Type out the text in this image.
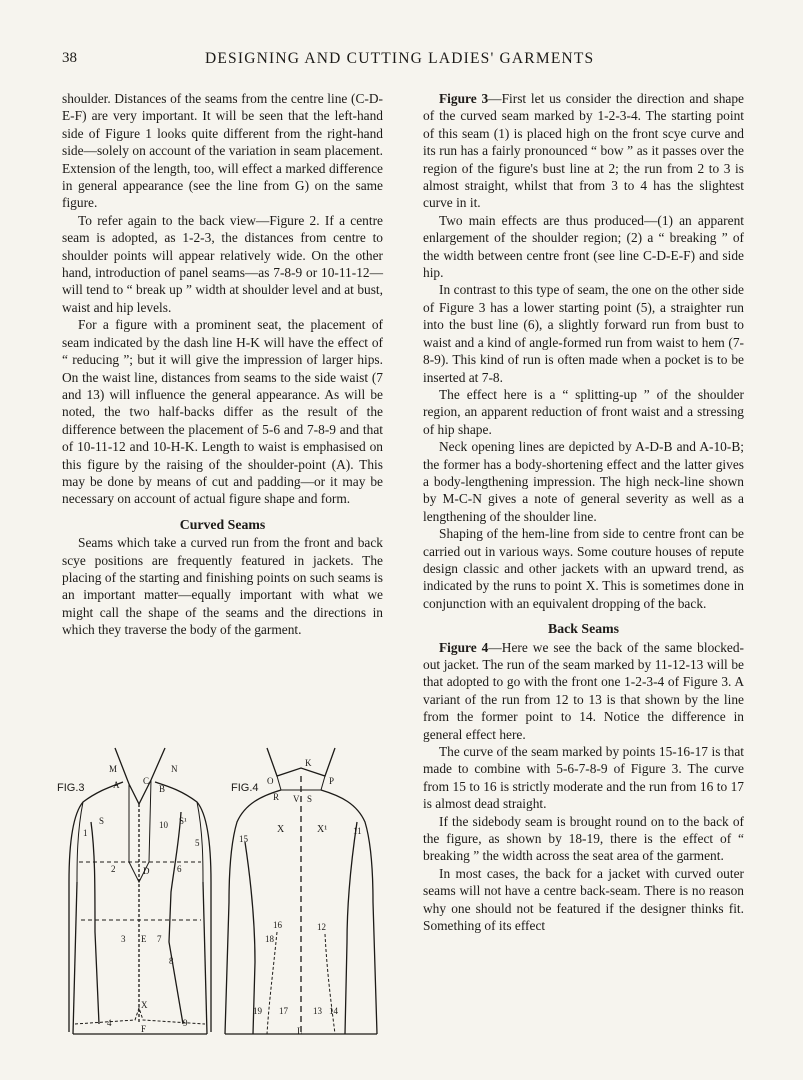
38	DESIGNING AND CUTTING LADIES' GARMENTS

shoulder. Distances of the seams from the centre line (C-D-E-F) are very important. It will be seen that the left-hand side of Figure 1 looks quite different from the right-hand side—solely on account of the variation in seam placement. Extension of the length, too, will effect a marked difference in general appearance (see the line from G) on the same figure.

To refer again to the back view—Figure 2. If a centre seam is adopted, as 1-2-3, the distances from centre to shoulder points will appear relatively wide. On the other hand, introduction of panel seams—as 7-8-9 or 10-11-12—will tend to “ break up ” width at shoulder level and at bust, waist and hip levels.

For a figure with a prominent seat, the placement of seam indicated by the dash line H-K will have the effect of “ reducing ”; but it will give the impression of larger hips. On the waist line, distances from seams to the side waist (7 and 13) will influence the general appearance. As will be noted, the two half-backs differ as the result of the difference between the placement of 5-6 and 7-8-9 and that of 10-11-12 and 10-H-K. Length to waist is emphasised on this figure by the raising of the shoulder-point (A). This may be done by means of cut and padding—or it may be necessary on account of actual figure shape and form.

Curved Seams

Seams which take a curved run from the front and back scye positions are frequently featured in jackets. The placing of the starting and finishing points on such seams is an important matter—equally important with what we might call the shape of the seams and the directions in which they traverse the body of the garment.

Figure 3—First let us consider the direction and shape of the curved seam marked by 1-2-3-4. The starting point of this seam (1) is placed high on the front scye curve and its run has a fairly pronounced “ bow ” as it passes over the region of the figure's bust line at 2; the run from 2 to 3 is almost straight, whilst that from 3 to 4 has the slightest curve in it.

Two main effects are thus produced—(1) an apparent enlargement of the shoulder region; (2) a “ breaking ” of the width between centre front (see line C-D-E-F) and side hip.

In contrast to this type of seam, the one on the other side of Figure 3 has a lower starting point (5), a straighter run into the bust line (6), a slightly forward run from bust to waist and a kind of angle-formed run from waist to hem (7-8-9). This kind of run is often made when a pocket is to be inserted at 7-8.

The effect here is a “ splitting-up ” of the shoulder region, an apparent reduction of front waist and a stressing of hip shape.

Neck opening lines are depicted by A-D-B and A-10-B; the former has a body-shortening effect and the latter gives a body-lengthening impression. The high neck-line shown by M-C-N gives a note of general severity as well as a lengthening of the shoulder line.

Shaping of the hem-line from side to centre front can be carried out in various ways. Some couture houses of repute design classic and other jackets with an upward trend, as indicated by the runs to point X. This is sometimes done in conjunction with an equivalent dropping of the back.

Back Seams

Figure 4—Here we see the back of the same blocked-out jacket. The run of the seam marked by 11-12-13 will be that adopted to go with the front one 1-2-3-4 of Figure 3. A variant of the run from 12 to 13 is that shown by the line from the former point to 14. Notice the difference in general effect here.

The curve of the seam marked by points 15-16-17 is that made to combine with 5-6-7-8-9 of Figure 3. The curve from 15 to 16 is strictly moderate and the run from 16 to 17 is almost dead straight.

If the sidebody seam is brought round on to the back of the figure, as shown by 18-19, there is the effect of “ breaking ” the width across the seat area of the garment.

In most cases, the back for a jacket with curved outer seams will not have a centre back-seam. There is no reason why one should not be featured if the designer thinks fit. Something of its effect

FIG.3	FIG.4
M	N
C
A	B
10
S	S¹
1
5
2	D	6
3 E 7
8
X
4
F
9
K
O	P
R V S
15
X	X¹	11
16
18
12
19 17
L
13 14
